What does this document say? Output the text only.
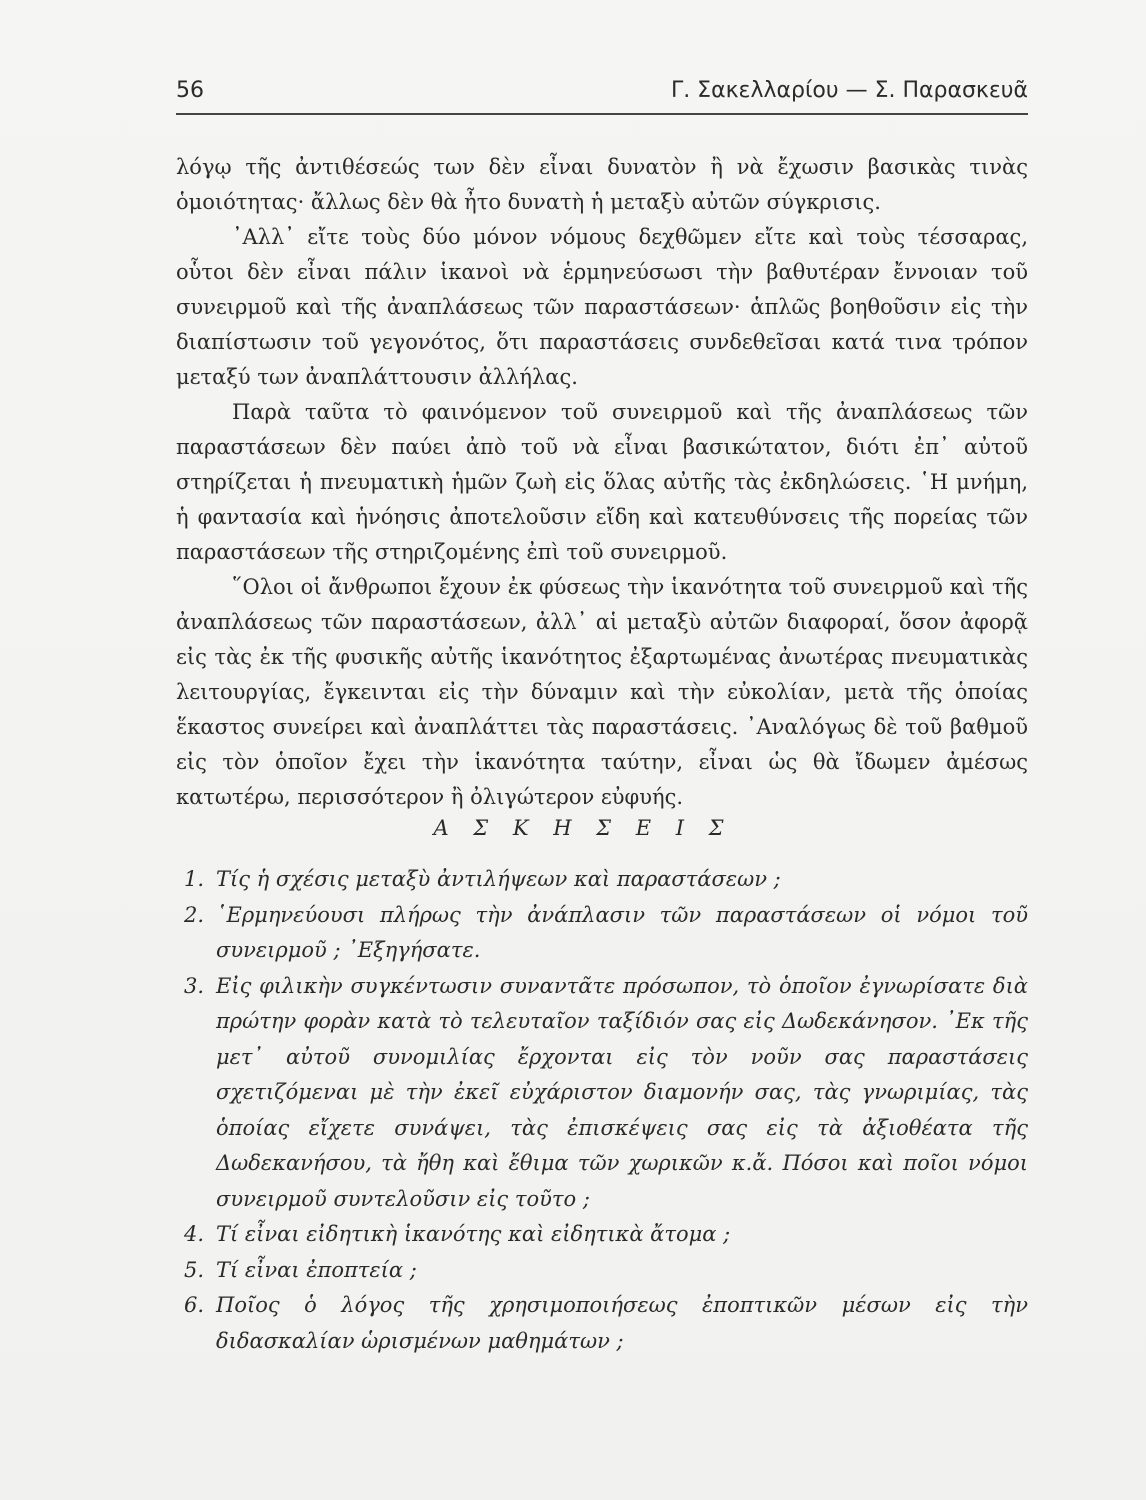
56	Γ. Σακελλαρίου — Σ. Παρασκευᾶ

λόγῳ τῆς ἀντιθέσεώς των δὲν εἶναι δυνατὸν ἢ νὰ ἔχωσιν βασικὰς τινὰς ὁμοιότητας· ἄλλως δὲν θὰ ἦτο δυνατὴ ἡ μεταξὺ αὐτῶν σύγκρισις.

᾿Αλλ᾿ εἴτε τοὺς δύο μόνον νόμους δεχθῶμεν εἴτε καὶ τοὺς τέσσαρας, οὗτοι δὲν εἶναι πάλιν ἱκανοὶ νὰ ἑρμηνεύσωσι τὴν βαθυτέραν ἔννοιαν τοῦ συνειρμοῦ καὶ τῆς ἀναπλάσεως τῶν παραστάσεων· ἁπλῶς βοηθοῦσιν εἰς τὴν διαπίστωσιν τοῦ γεγονότος, ὅτι παραστάσεις συνδεθεῖσαι κατά τινα τρόπον μεταξύ των ἀναπλάττουσιν ἀλλήλας.

Παρὰ ταῦτα τὸ φαινόμενον τοῦ συνειρμοῦ καὶ τῆς ἀναπλάσεως τῶν παραστάσεων δὲν παύει ἀπὸ τοῦ νὰ εἶναι βασικώτατον, διότι ἐπ᾿ αὐτοῦ στηρίζεται ἡ πνευματικὴ ἡμῶν ζωὴ εἰς ὅλας αὐτῆς τὰς ἐκδηλώσεις. ῾Η μνήμη, ἡ φαντασία καὶ ἡνόησις ἀποτελοῦσιν εἴδη καὶ κατευθύνσεις τῆς πορείας τῶν παραστάσεων τῆς στηριζομένης ἐπὶ τοῦ συνειρμοῦ.

῞Ολοι οἱ ἄνθρωποι ἔχουν ἐκ φύσεως τὴν ἱκανότητα τοῦ συνειρμοῦ καὶ τῆς ἀναπλάσεως τῶν παραστάσεων, ἀλλ᾿ αἱ μεταξὺ αὐτῶν διαφοραί, ὅσον ἀφορᾷ εἰς τὰς ἐκ τῆς φυσικῆς αὐτῆς ἱκανότητος ἐξαρτωμένας ἀνωτέρας πνευματικὰς λειτουργίας, ἔγκεινται εἰς τὴν δύναμιν καὶ τὴν εὐκολίαν, μετὰ τῆς ὁποίας ἕκαστος συνείρει καὶ ἀναπλάττει τὰς παραστάσεις. ᾿Αναλόγως δὲ τοῦ βαθμοῦ εἰς τὸν ὁποῖον ἔχει τὴν ἱκανότητα ταύτην, εἶναι ὡς θὰ ἴδωμεν ἀμέσως κατωτέρω, περισσότερον ἢ ὀλιγώτερον εὐφυής.

Α Σ Κ Η Σ Ε Ι Σ
1. Τίς ἡ σχέσις μεταξὺ ἀντιλήψεων καὶ παραστάσεων ;
2. ῾Ερμηνεύουσι πλήρως τὴν ἀνάπλασιν τῶν παραστάσεων οἱ νόμοι τοῦ συνειρμοῦ ; ᾿Εξηγήσατε.
3. Εἰς φιλικὴν συγκέντωσιν συναντᾶτε πρόσωπον, τὸ ὁποῖον ἐγνωρίσατε διὰ πρώτην φορὰν κατὰ τὸ τελευταῖον ταξίδιόν σας εἰς Δωδεκάνησον. ᾿Εκ τῆς μετ᾿ αὐτοῦ συνομιλίας ἔρχονται εἰς τὸν νοῦν σας παραστάσεις σχετιζόμεναι μὲ τὴν ἐκεῖ εὐχάριστον διαμονήν σας, τὰς γνωριμίας, τὰς ὁποίας εἴχετε συνάψει, τὰς ἐπισκέψεις σας εἰς τὰ ἀξιοθέατα τῆς Δωδεκανήσου, τὰ ἤθη καὶ ἔθιμα τῶν χωρικῶν κ.ἄ. Πόσοι καὶ ποῖοι νόμοι συνειρμοῦ συντελοῦσιν εἰς τοῦτο ;
4. Τί εἶναι εἰδητικὴ ἱκανότης καὶ εἰδητικὰ ἄτομα ;
5. Τί εἶναι ἐποπτεία ;
6. Ποῖος ὁ λόγος τῆς χρησιμοποιήσεως ἐποπτικῶν μέσων εἰς τὴν διδασκαλίαν ὡρισμένων μαθημάτων ;
